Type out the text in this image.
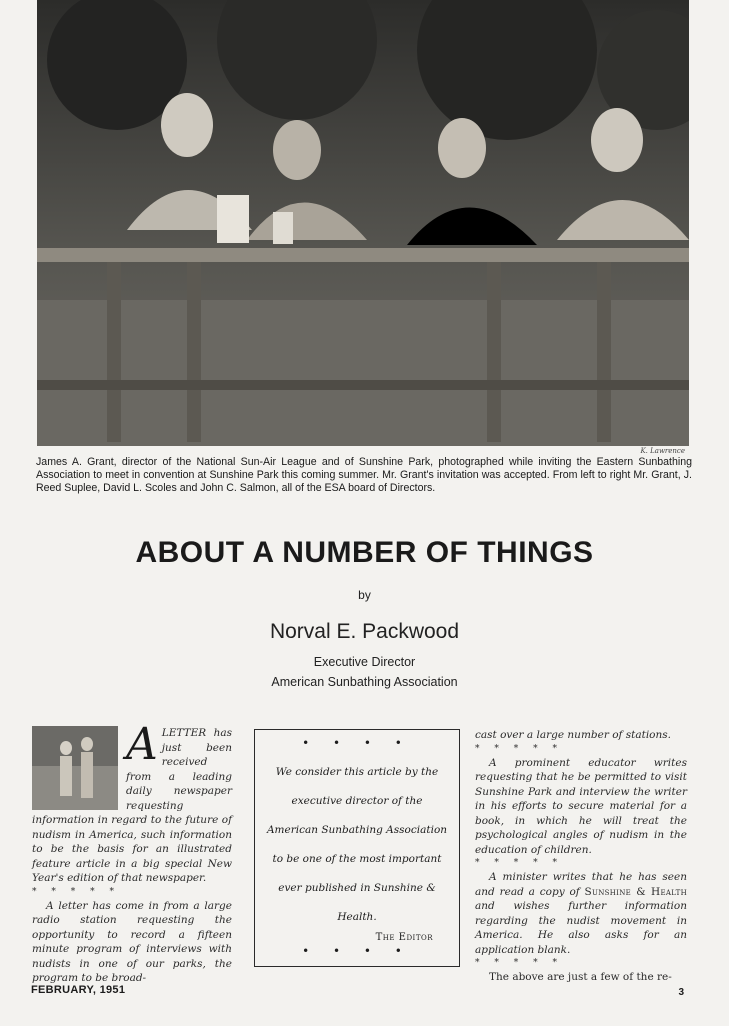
K. Lawrence
James A. Grant, director of the National Sun-Air League and of Sunshine Park, photographed while inviting the Eastern Sunbathing Association to meet in convention at Sunshine Park this coming summer. Mr. Grant's invitation was accepted. From left to right Mr. Grant, J. Reed Suplee, David L. Scoles and John C. Salmon, all of the ESA board of Directors.
ABOUT A NUMBER OF THINGS
by
Norval E. Packwood
Executive Director
American Sunbathing Association
A LETTER has just been received from a leading daily newspaper requesting information in regard to the future of nudism in America, such information to be the basis for an illustrated feature article in a big special New Year's edition of that newspaper.

* * * * *

A letter has come in from a large radio station requesting the opportunity to record a fifteen minute program of interviews with nudists in one of our parks, the program to be broad-

• • • •
We consider this article by the executive director of the American Sunbathing Association to be one of the most important ever published in Sunshine & Health.
The Editor
• • • •

cast over a large number of stations.

* * * * *

A prominent educator writes requesting that he be permitted to visit Sunshine Park and interview the writer in his efforts to secure material for a book, in which he will treat the psychological angles of nudism in the education of children.

* * * * *

A minister writes that he has seen and read a copy of Sunshine & Health and wishes further information regarding the nudist movement in America. He also asks for an application blank.

* * * * *

The above are just a few of the re-

FEBRUARY, 1951	3
